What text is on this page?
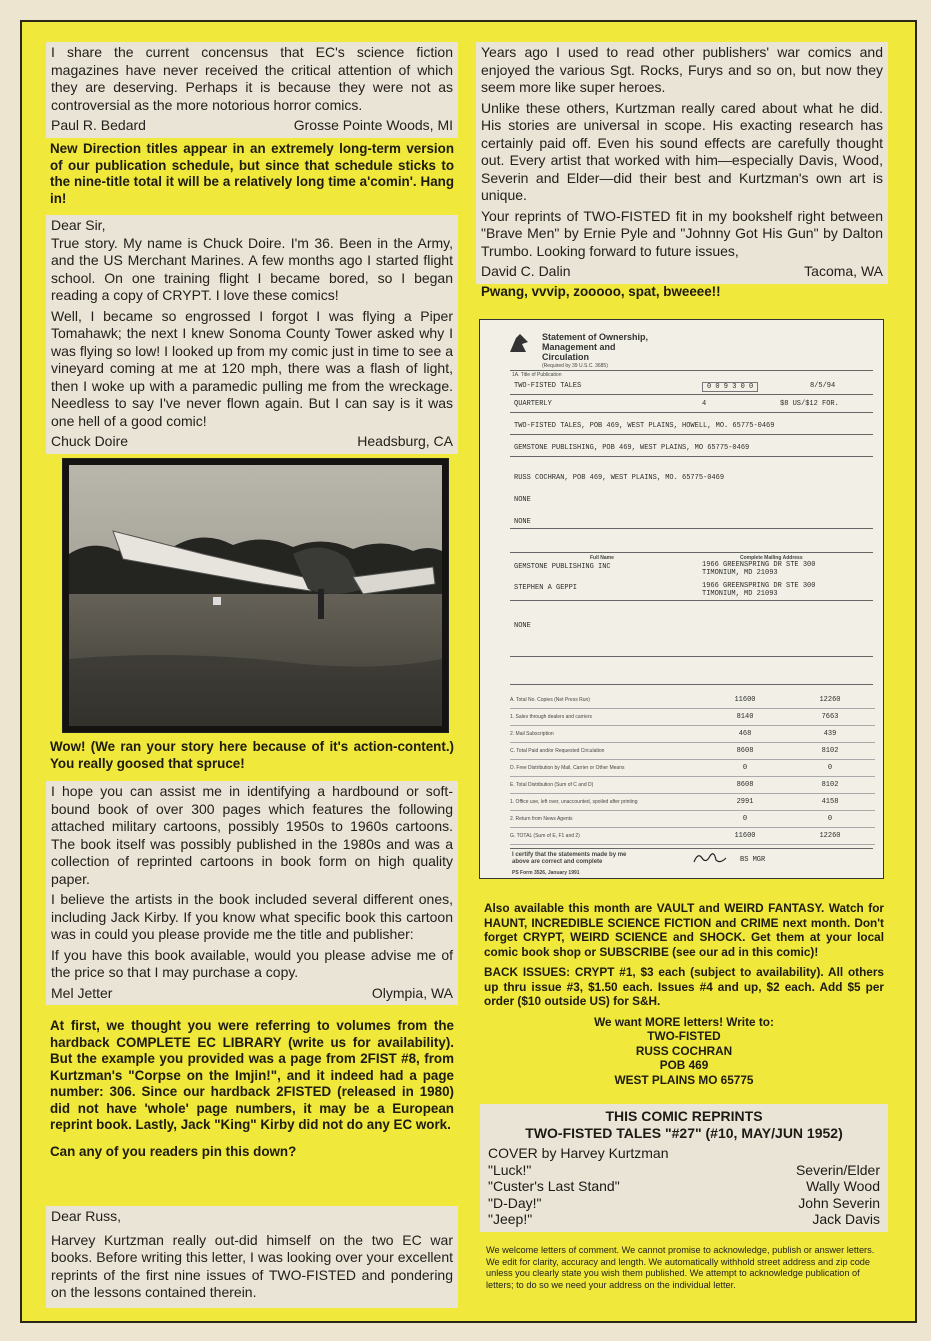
I share the current concensus that EC's science fiction magazines have never received the critical attention of which they are deserving. Perhaps it is because they were not as controversial as the more notorious horror comics.

Paul R. Bedard	Grosse Pointe Woods, MI

New Direction titles appear in an extremely long-term version of our publication schedule, but since that schedule sticks to the nine-title total it will be a relatively long time a'comin'. Hang in!

Dear Sir,

True story. My name is Chuck Doire. I'm 36. Been in the Army, and the US Merchant Marines. A few months ago I started flight school. On one training flight I became bored, so I began reading a copy of CRYPT. I love these comics!

Well, I became so engrossed I forgot I was flying a Piper Tomahawk; the next I knew Sonoma County Tower asked why I was flying so low! I looked up from my comic just in time to see a vineyard coming at me at 120 mph, there was a flash of light, then I woke up with a paramedic pulling me from the wreckage. Needless to say I've never flown again. But I can say is it was one hell of a good comic!

Chuck Doire	Headsburg, CA

Wow! (We ran your story here because of it's action-content.) You really goosed that spruce!

I hope you can assist me in identifying a hardbound or soft-bound book of over 300 pages which features the following attached military cartoons, possibly 1950s to 1960s cartoons. The book itself was possibly published in the 1980s and was a collection of reprinted cartoons in book form on high quality paper.

I believe the artists in the book included several different ones, including Jack Kirby. If you know what specific book this cartoon was in could you please provide me the title and publisher:

If you have this book available, would you please advise me of the price so that I may purchase a copy.

Mel Jetter	Olympia, WA

At first, we thought you were referring to volumes from the hardback COMPLETE EC LIBRARY (write us for availability). But the example you provided was a page from 2FIST #8, from Kurtzman's "Corpse on the Imjin!", and it indeed had a page number: 306. Since our hardback 2FISTED (released in 1980) did not have 'whole' page numbers, it may be a European reprint book. Lastly, Jack "King" Kirby did not do any EC work.

Can any of you readers pin this down?

Dear Russ,

Harvey Kurtzman really out-did himself on the two EC war books. Before writing this letter, I was looking over your excellent reprints of the first nine issues of TWO-FISTED and pondering on the lessons contained therein.

Years ago I used to read other publishers' war comics and enjoyed the various Sgt. Rocks, Furys and so on, but now they seem more like super heroes.

Unlike these others, Kurtzman really cared about what he did. His stories are universal in scope. His exacting research has certainly paid off. Even his sound effects are carefully thought out. Every artist that worked with him—especially Davis, Wood, Severin and Elder—did their best and Kurtzman's own art is unique.

Your reprints of TWO-FISTED fit in my bookshelf right between "Brave Men" by Ernie Pyle and "Johnny Got His Gun" by Dalton Trumbo. Looking forward to future issues,

David C. Dalin	Tacoma, WA

Pwang, vvvip, zooooo, spat, bweeee!!

Statement of Ownership,
Management and
Circulation
(Required by 39 U.S.C. 3685)
1A. Title of Publication
TWO-FISTED TALES	0 0 9 3 0 0	8/5/94
QUARTERLY	4	$8 US/$12 FOR.
TWO-FISTED TALES, POB 469, WEST PLAINS, HOWELL, MO. 65775-0469
GEMSTONE PUBLISHING, POB 469, WEST PLAINS, MO 65775-0469
RUSS COCHRAN, POB 469, WEST PLAINS, MO. 65775-0469
NONE
NONE
Full Name	Complete Mailing Address
GEMSTONE PUBLISHING INC	1966 GREENSPRING DR STE 300
TIMONIUM, MD 21093
STEPHEN A GEPPI	1966 GREENSPRING DR STE 300
TIMONIUM, MD 21093
NONE
A. Total No. Copies (Net Press Run)	11600	12260
1. Sales through dealers and carriers	8140	7663
2. Mail Subscription	468	439
C. Total Paid and/or Requested Circulation	8608	8102
D. Free Distribution by Mail, Carrier or Other Means	0	0
E. Total Distribution (Sum of C and D)	8608	8102
1. Office use, left over, unaccounted, spoiled after printing	2991	4158
2. Return from News Agents	0	0
G. TOTAL (Sum of E, F1 and 2)	11600	12260
I certify that the statements made by me above are correct and complete	BS MGR
PS Form 3526, January 1991

Also available this month are VAULT and WEIRD FANTASY. Watch for HAUNT, INCREDIBLE SCIENCE FICTION and CRIME next month. Don't forget CRYPT, WEIRD SCIENCE and SHOCK. Get them at your local comic book shop or SUBSCRIBE (see our ad in this comic)!

BACK ISSUES: CRYPT #1, $3 each (subject to availability). All others up thru issue #3, $1.50 each. Issues #4 and up, $2 each. Add $5 per order ($10 outside US) for S&H.

We want MORE letters! Write to:
TWO-FISTED
RUSS COCHRAN
POB 469
WEST PLAINS MO 65775
THIS COMIC REPRINTS
TWO-FISTED TALES "#27" (#10, MAY/JUN 1952)
COVER by Harvey Kurtzman
"Luck!"	Severin/Elder
"Custer's Last Stand"	Wally Wood
"D-Day!"	John Severin
"Jeep!"	Jack Davis
We welcome letters of comment. We cannot promise to acknowledge, publish or answer letters. We edit for clarity, accuracy and length. We automatically withhold street address and zip code unless you clearly state you wish them published. We attempt to acknowledge publication of letters; to do so we need your address on the individual letter.
